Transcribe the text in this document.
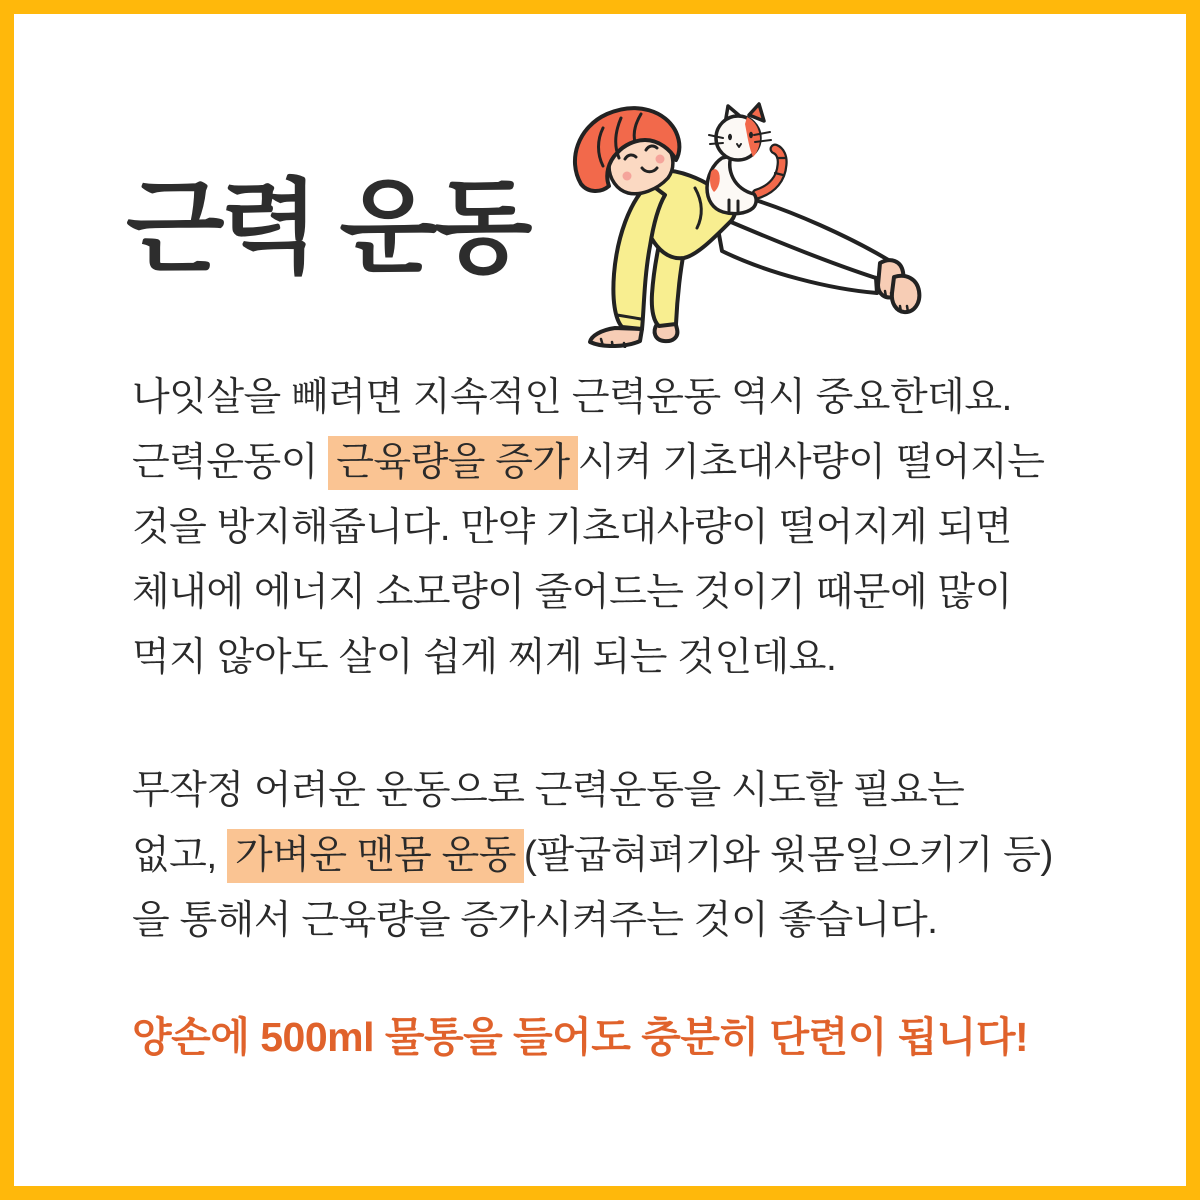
근력 운동
나잇살을 빼려면 지속적인 근력운동 역시 중요한데요.
근력운동이 근육량을 증가 시켜 기초대사량이 떨어지는
것을 방지해줍니다. 만약 기초대사량이 떨어지게 되면
체내에 에너지 소모량이 줄어드는 것이기 때문에 많이
먹지 않아도 살이 쉽게 찌게 되는 것인데요.
무작정 어려운 운동으로 근력운동을 시도할 필요는
없고, 가벼운 맨몸 운동 (팔굽혀펴기와 윗몸일으키기 등)
을 통해서 근육량을 증가시켜주는 것이 좋습니다.
양손에 500ml 물통을 들어도 충분히 단련이 됩니다!
